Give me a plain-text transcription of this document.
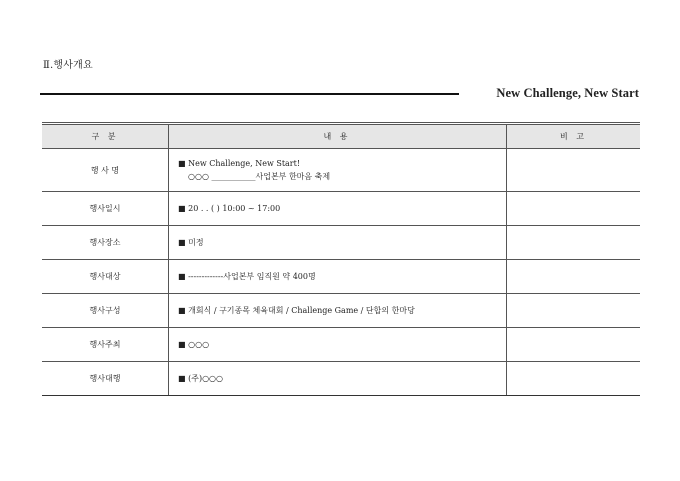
Ⅱ.행사개요
New Challenge, New Start
구 분	내 용	비 고
행 사 명	■ New Challenge, New Start!
○○○ ___________사업본부 한마음 축제	

행사일시	■ 20 . . ( ) 10:00 ~ 17:00	

행사장소	■ 미정	

행사대상	■ -------------사업본부 임직원 약 400명	

행사구성	■ 개회식 / 구기종목 체육대회 / Challenge Game / 단합의 한마당	

행사주최	■ ○○○	

행사대행	■ (주)○○○	
